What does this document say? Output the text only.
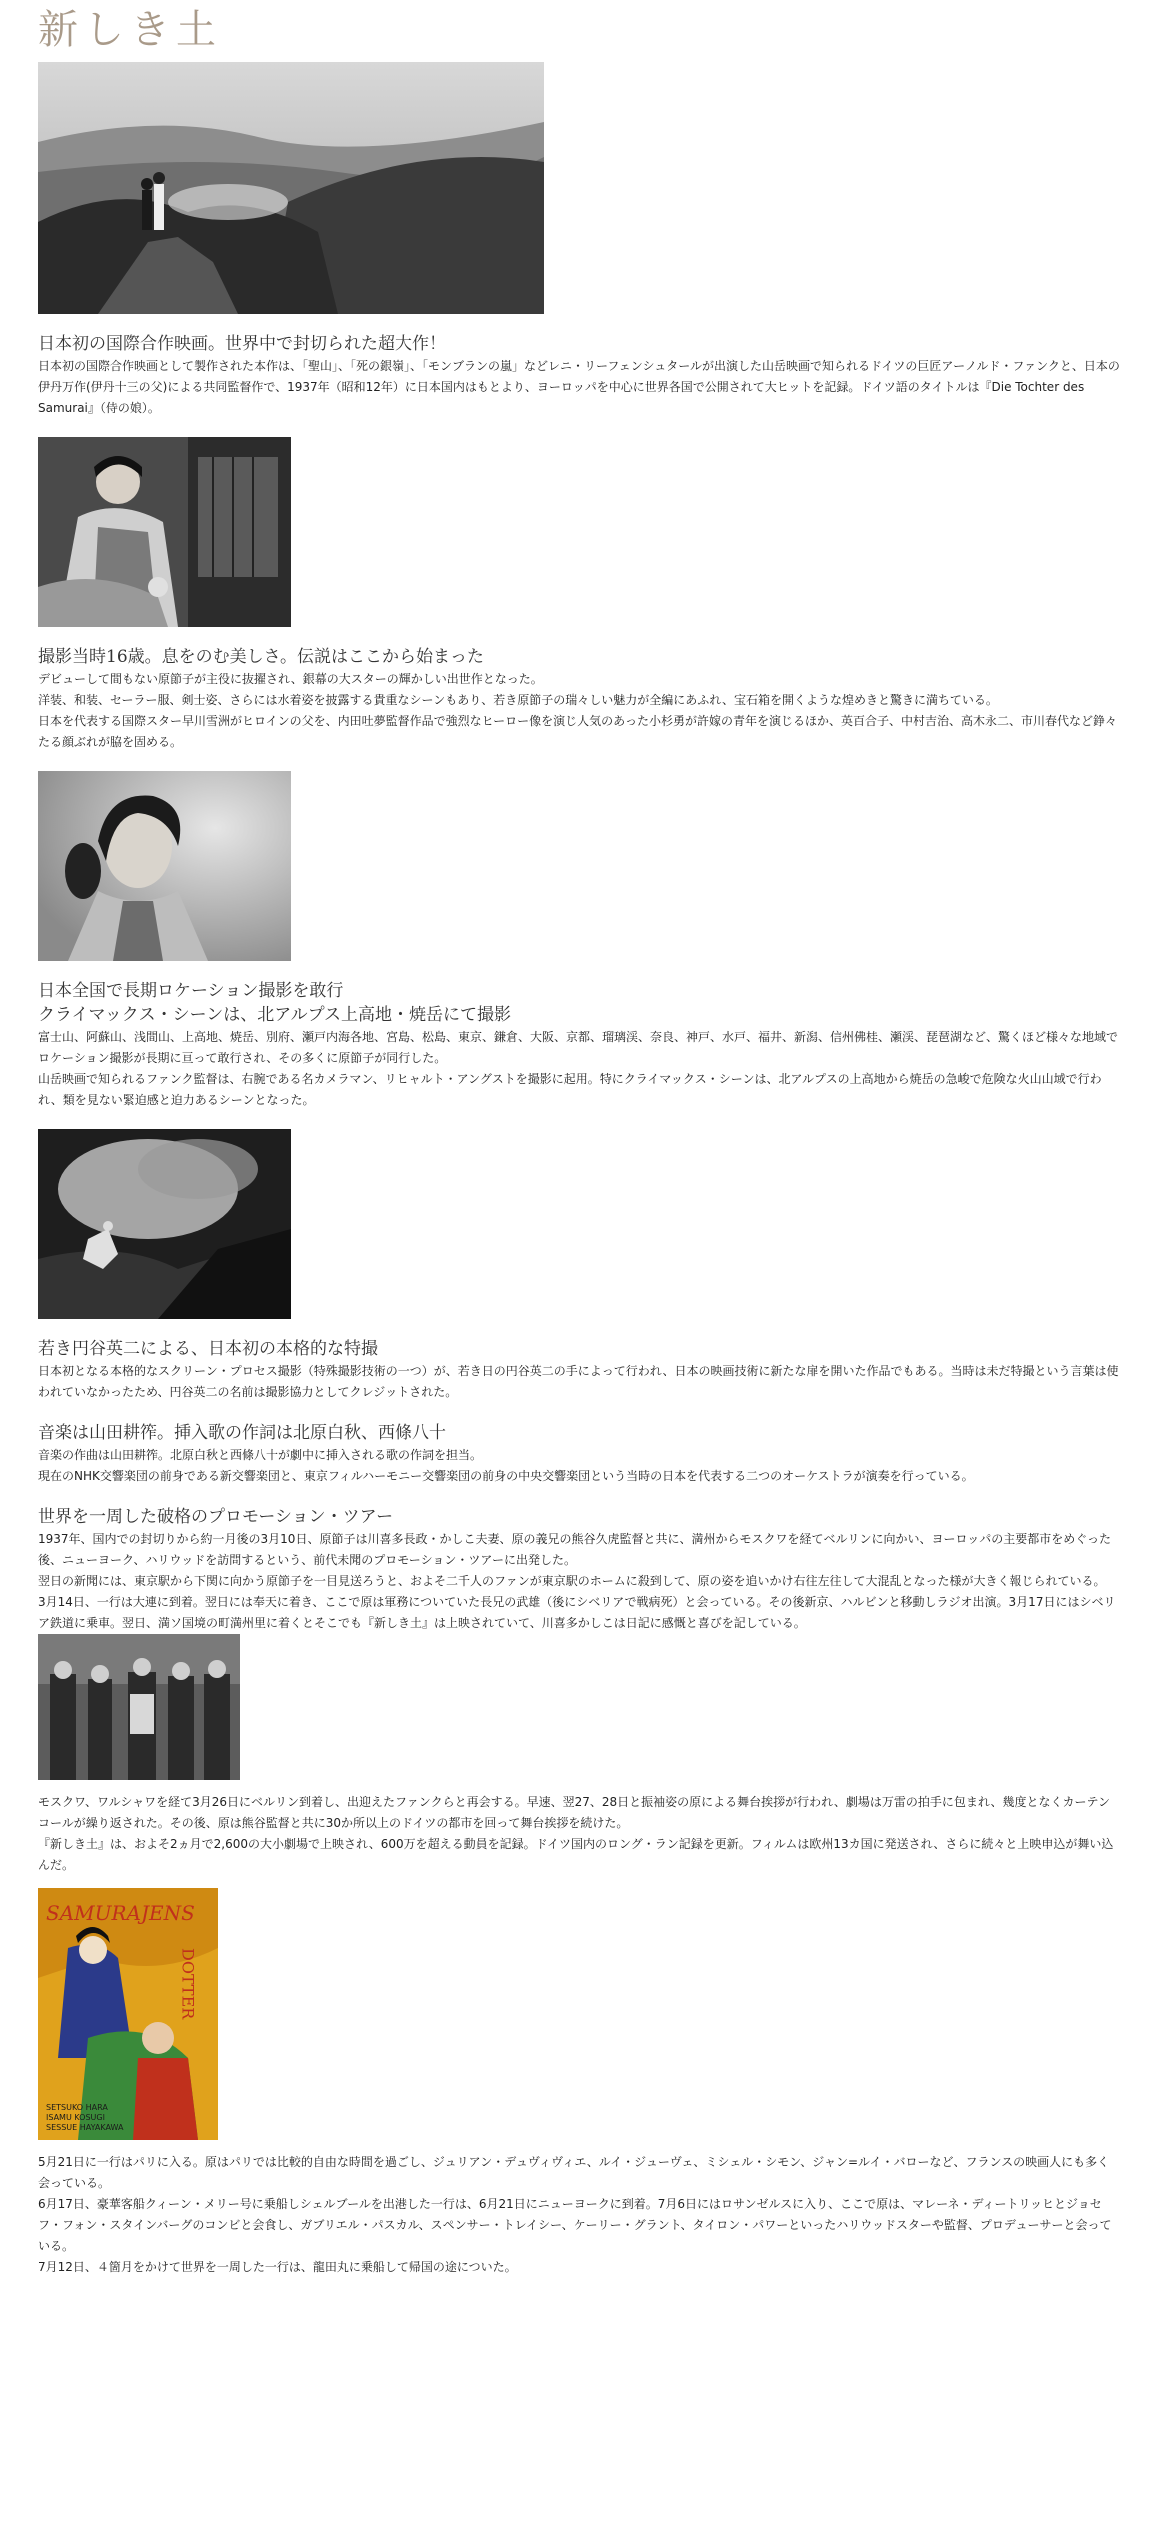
新しき土
日本初の国際合作映画。世界中で封切られた超大作！

日本初の国際合作映画として製作された本作は、「聖山」、「死の銀嶺」、「モンブランの嵐」などレニ・リーフェンシュタールが出演した山岳映画で知られるドイツの巨匠アーノルド・ファンクと、日本の伊丹万作(伊丹十三の父)による共同監督作で、1937年（昭和12年）に日本国内はもとより、ヨーロッパを中心に世界各国で公開されて大ヒットを記録。ドイツ語のタイトルは『Die Tochter des Samurai』（侍の娘）。

撮影当時16歳。息をのむ美しさ。伝説はここから始まった

デビューして間もない原節子が主役に抜擢され、銀幕の大スターの輝かしい出世作となった。

洋装、和装、セーラー服、剣士姿、さらには水着姿を披露する貴重なシーンもあり、若き原節子の瑞々しい魅力が全編にあふれ、宝石箱を開くような煌めきと驚きに満ちている。

日本を代表する国際スター早川雪洲がヒロインの父を、内田吐夢監督作品で強烈なヒーロー像を演じ人気のあった小杉勇が許嫁の青年を演じるほか、英百合子、中村吉治、高木永二、市川春代など錚々たる顔ぶれが脇を固める。

日本全国で長期ロケーション撮影を敢行
クライマックス・シーンは、北アルプス上高地・焼岳にて撮影

富士山、阿蘇山、浅間山、上高地、焼岳、別府、瀬戸内海各地、宮島、松島、東京、鎌倉、大阪、京都、瑠璃渓、奈良、神戸、水戸、福井、新潟、信州佛桂、瀬渓、琵琶湖など、驚くほど様々な地域でロケーション撮影が長期に亘って敢行され、その多くに原節子が同行した。

山岳映画で知られるファンク監督は、右腕である名カメラマン、リヒャルト・アングストを撮影に起用。特にクライマックス・シーンは、北アルプスの上高地から焼岳の急峻で危険な火山山域で行われ、類を見ない緊迫感と迫力あるシーンとなった。

若き円谷英二による、日本初の本格的な特撮

日本初となる本格的なスクリーン・プロセス撮影（特殊撮影技術の一つ）が、若き日の円谷英二の手によって行われ、日本の映画技術に新たな扉を開いた作品でもある。当時は未だ特撮という言葉は使われていなかったため、円谷英二の名前は撮影協力としてクレジットされた。

音楽は山田耕筰。挿入歌の作詞は北原白秋、西條八十

音楽の作曲は山田耕筰。北原白秋と西條八十が劇中に挿入される歌の作詞を担当。

現在のNHK交響楽団の前身である新交響楽団と、東京フィルハーモニー交響楽団の前身の中央交響楽団という当時の日本を代表する二つのオーケストラが演奏を行っている。

世界を一周した破格のプロモーション・ツアー

1937年、国内での封切りから約一月後の3月10日、原節子は川喜多長政・かしこ夫妻、原の義兄の熊谷久虎監督と共に、満州からモスクワを経てベルリンに向かい、ヨーロッパの主要都市をめぐった後、ニューヨーク、ハリウッドを訪問するという、前代未聞のプロモーション・ツアーに出発した。

翌日の新聞には、東京駅から下関に向かう原節子を一目見送ろうと、およそ二千人のファンが東京駅のホームに殺到して、原の姿を追いかけ右往左往して大混乱となった様が大きく報じられている。

3月14日、一行は大連に到着。翌日には奉天に着き、ここで原は軍務についていた長兄の武雄（後にシベリアで戦病死）と会っている。その後新京、ハルビンと移動しラジオ出演。3月17日にはシベリア鉄道に乗車。翌日、満ソ国境の町満州里に着くとそこでも『新しき土』は上映されていて、川喜多かしこは日記に感慨と喜びを記している。

モスクワ、ワルシャワを経て3月26日にベルリン到着し、出迎えたファンクらと再会する。早速、翌27、28日と振袖姿の原による舞台挨拶が行われ、劇場は万雷の拍手に包まれ、幾度となくカーテンコールが繰り返された。その後、原は熊谷監督と共に30か所以上のドイツの都市を回って舞台挨拶を続けた。

『新しき土』は、およそ2ヵ月で2,600の大小劇場で上映され、600万を超える動員を記録。ドイツ国内のロング・ラン記録を更新。フィルムは欧州13カ国に発送され、さらに続々と上映申込が舞い込んだ。

SAMURAJENS
DOTTER
SETSUKO HARA
ISAMU KOSUGI
SESSUE HAYAKAWA

5月21日に一行はパリに入る。原はパリでは比較的自由な時間を過ごし、ジュリアン・デュヴィヴィエ、ルイ・ジューヴェ、ミシェル・シモン、ジャン=ルイ・バローなど、フランスの映画人にも多く会っている。

6月17日、豪華客船クィーン・メリー号に乗船しシェルブールを出港した一行は、6月21日にニューヨークに到着。7月6日にはロサンゼルスに入り、ここで原は、マレーネ・ディートリッヒとジョセフ・フォン・スタインバーグのコンビと会食し、ガブリエル・パスカル、スペンサー・トレイシー、ケーリー・グラント、タイロン・パワーといったハリウッドスターや監督、プロデューサーと会っている。

7月12日、４箇月をかけて世界を一周した一行は、龍田丸に乗船して帰国の途についた。
